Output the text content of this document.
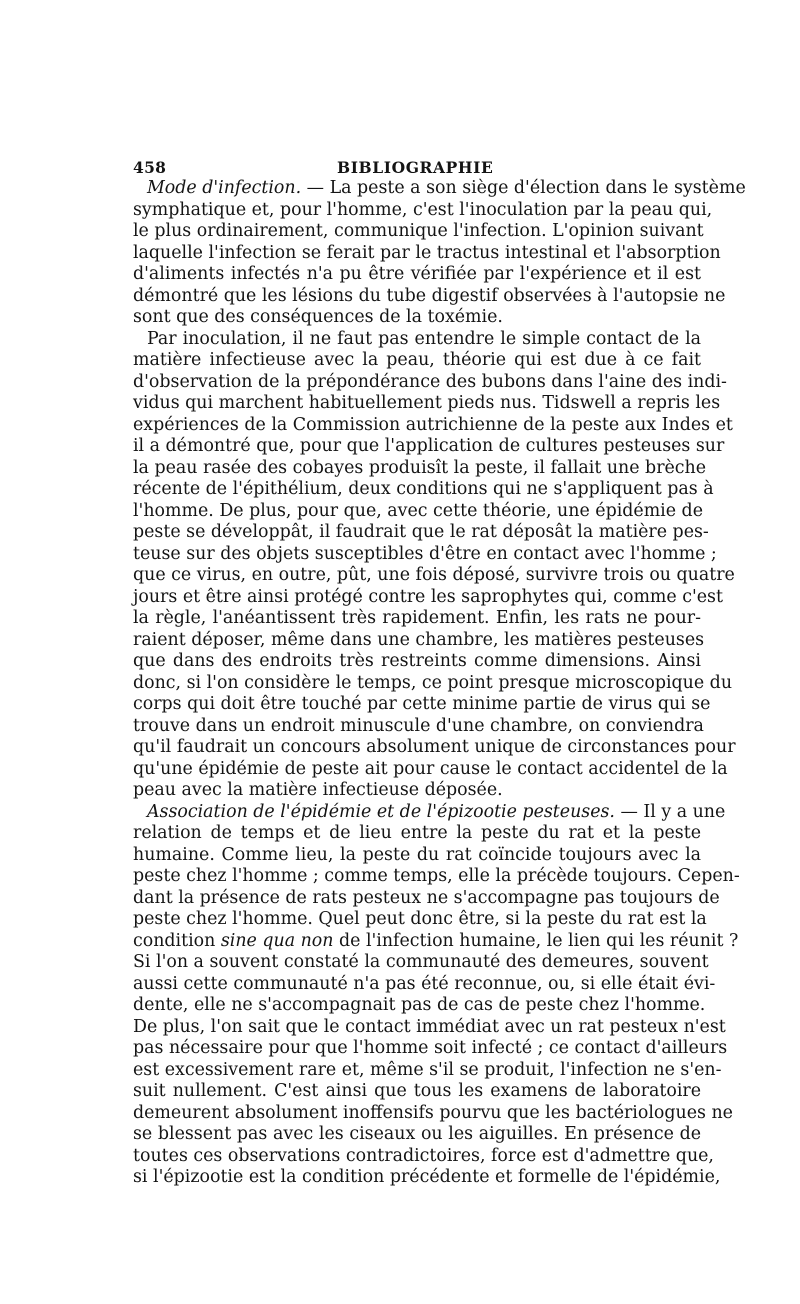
458	BIBLIOGRAPHIE
Mode d'infection. — La peste a son siège d'élection dans le système
symphatique et, pour l'homme, c'est l'inoculation par la peau qui,
le plus ordinairement, communique l'infection. L'opinion suivant
laquelle l'infection se ferait par le tractus intestinal et l'absorption
d'aliments infectés n'a pu être vérifiée par l'expérience et il est
démontré que les lésions du tube digestif observées à l'autopsie ne
sont que des conséquences de la toxémie.
Par inoculation, il ne faut pas entendre le simple contact de la
matière infectieuse avec la peau, théorie qui est due à ce fait
d'observation de la prépondérance des bubons dans l'aine des indi-
vidus qui marchent habituellement pieds nus. Tidswell a repris les
expériences de la Commission autrichienne de la peste aux Indes et
il a démontré que, pour que l'application de cultures pesteuses sur
la peau rasée des cobayes produisît la peste, il fallait une brèche
récente de l'épithélium, deux conditions qui ne s'appliquent pas à
l'homme. De plus, pour que, avec cette théorie, une épidémie de
peste se développât, il faudrait que le rat déposât la matière pes-
teuse sur des objets susceptibles d'être en contact avec l'homme ;
que ce virus, en outre, pût, une fois déposé, survivre trois ou quatre
jours et être ainsi protégé contre les saprophytes qui, comme c'est
la règle, l'anéantissent très rapidement. Enfin, les rats ne pour-
raient déposer, même dans une chambre, les matières pesteuses
que dans des endroits très restreints comme dimensions. Ainsi
donc, si l'on considère le temps, ce point presque microscopique du
corps qui doit être touché par cette minime partie de virus qui se
trouve dans un endroit minuscule d'une chambre, on conviendra
qu'il faudrait un concours absolument unique de circonstances pour
qu'une épidémie de peste ait pour cause le contact accidentel de la
peau avec la matière infectieuse déposée.
Association de l'épidémie et de l'épizootie pesteuses. — Il y a une
relation de temps et de lieu entre la peste du rat et la peste
humaine. Comme lieu, la peste du rat coïncide toujours avec la
peste chez l'homme ; comme temps, elle la précède toujours. Cepen-
dant la présence de rats pesteux ne s'accompagne pas toujours de
peste chez l'homme. Quel peut donc être, si la peste du rat est la
condition sine qua non de l'infection humaine, le lien qui les réunit ?
Si l'on a souvent constaté la communauté des demeures, souvent
aussi cette communauté n'a pas été reconnue, ou, si elle était évi-
dente, elle ne s'accompagnait pas de cas de peste chez l'homme.
De plus, l'on sait que le contact immédiat avec un rat pesteux n'est
pas nécessaire pour que l'homme soit infecté ; ce contact d'ailleurs
est excessivement rare et, même s'il se produit, l'infection ne s'en-
suit nullement. C'est ainsi que tous les examens de laboratoire
demeurent absolument inoffensifs pourvu que les bactériologues ne
se blessent pas avec les ciseaux ou les aiguilles. En présence de
toutes ces observations contradictoires, force est d'admettre que,
si l'épizootie est la condition précédente et formelle de l'épidémie,
